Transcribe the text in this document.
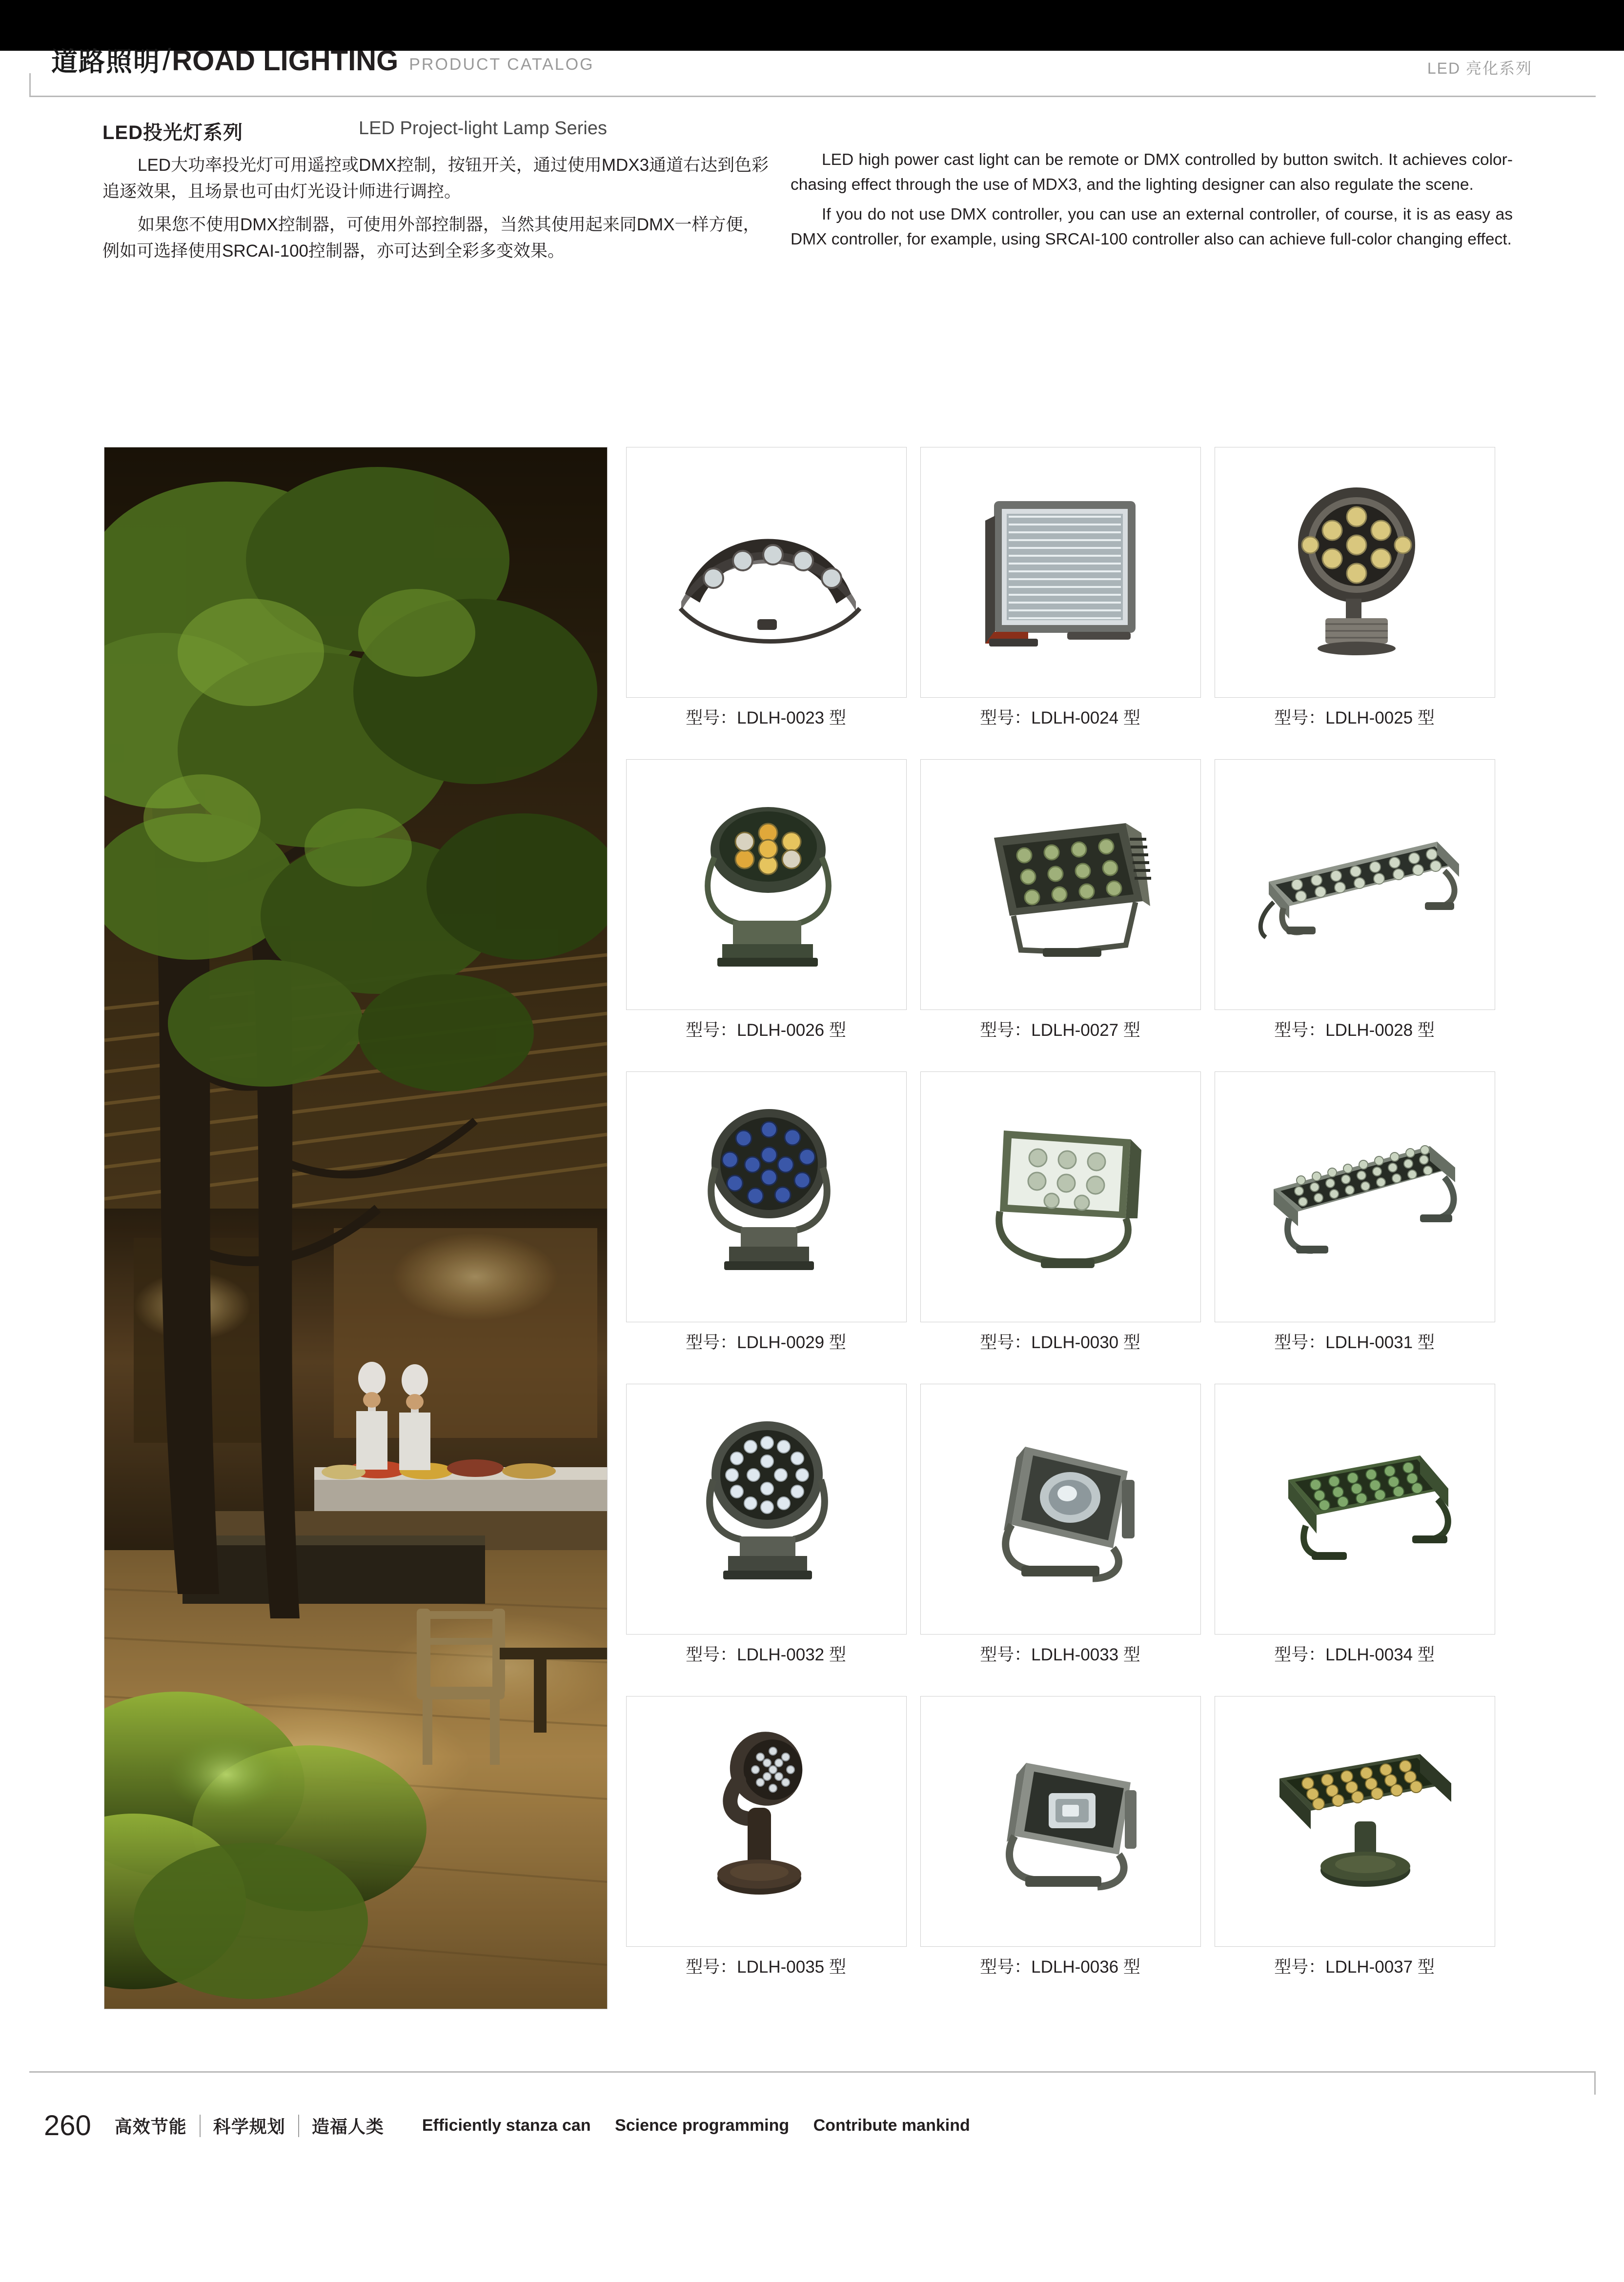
道路照明 / ROAD LIGHTING PRODUCT CATALOG	LED 亮化系列
LED投光灯系列	LED Project-light Lamp Series

LED大功率投光灯可用遥控或DMX控制，按钮开关，通过使用MDX3通道右达到色彩追逐效果，且场景也可由灯光设计师进行调控。

如果您不使用DMX控制器，可使用外部控制器，当然其使用起来同DMX一样方便，例如可选择使用SRCAI-100控制器，亦可达到全彩多变效果。

LED high power cast light can be remote or DMX controlled by button switch. It achieves color-chasing effect through the use of MDX3, and the lighting designer can also regulate the scene.

If you do not use DMX controller, you can use an external controller, of course, it is as easy as DMX controller, for example, using SRCAI-100 controller also can achieve full-color changing effect.

型号：LDLH-0023 型	型号：LDLH-0024 型	型号：LDLH-0025 型
型号：LDLH-0026 型	型号：LDLH-0027 型	型号：LDLH-0028 型
型号：LDLH-0029 型	型号：LDLH-0030 型	型号：LDLH-0031 型
型号：LDLH-0032 型	型号：LDLH-0033 型	型号：LDLH-0034 型
型号：LDLH-0035 型	型号：LDLH-0036 型	型号：LDLH-0037 型
260	高效节能	科学规划	造福人类	Efficiently stanza can Science programming Contribute mankind
